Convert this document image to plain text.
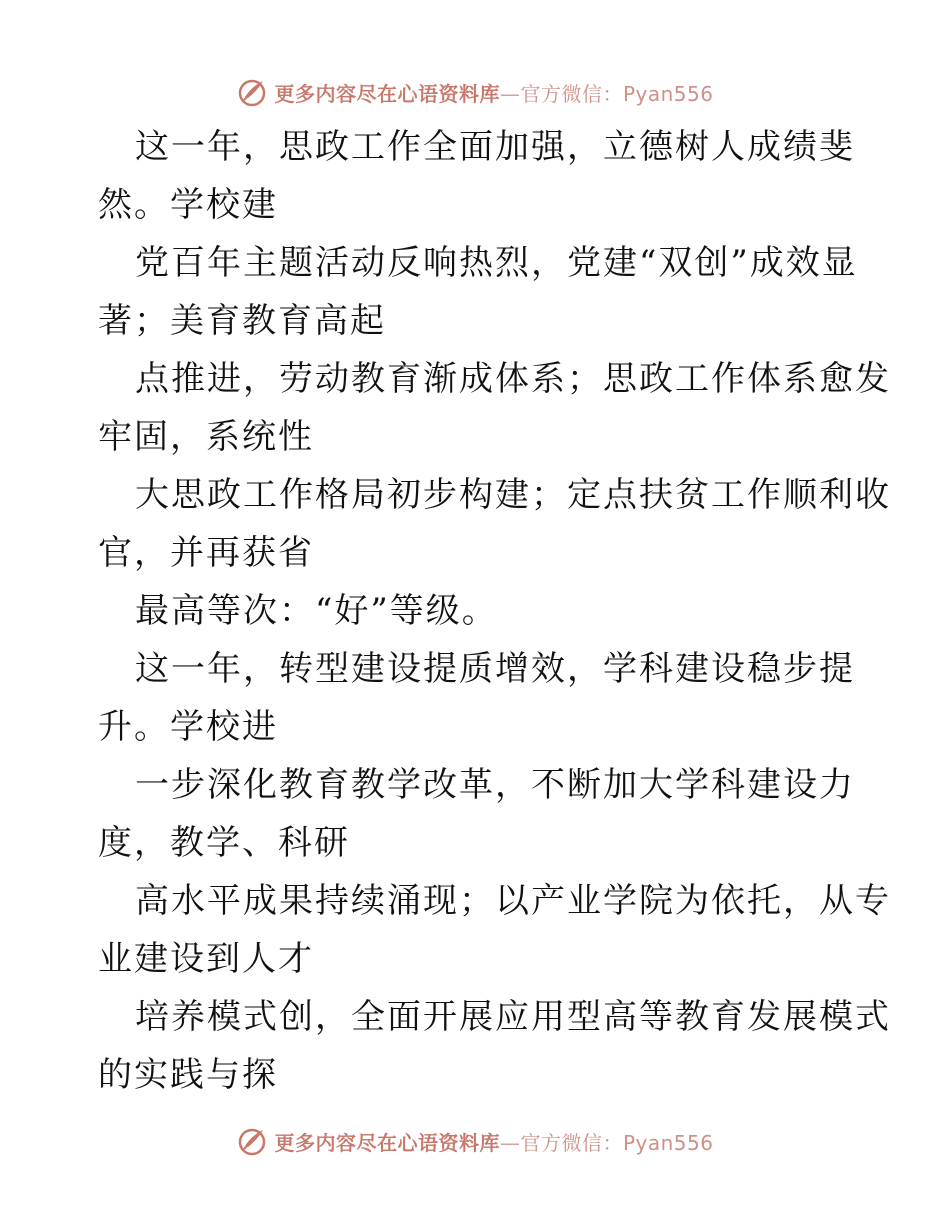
更多内容尽在心语资料库—官方微信：Pyan556
这一年，思政工作全面加强，立德树人成绩斐
然。学校建
党百年主题活动反响热烈，党建“双创”成效显
著；美育教育高起
点推进，劳动教育渐成体系；思政工作体系愈发
牢固，系统性
大思政工作格局初步构建；定点扶贫工作顺利收
官，并再获省
最高等次：“好”等级。
这一年，转型建设提质增效，学科建设稳步提
升。学校进
一步深化教育教学改革，不断加大学科建设力
度，教学、科研
高水平成果持续涌现；以产业学院为依托，从专
业建设到人才
培养模式创，全面开展应用型高等教育发展模式
的实践与探
更多内容尽在心语资料库—官方微信：Pyan556
